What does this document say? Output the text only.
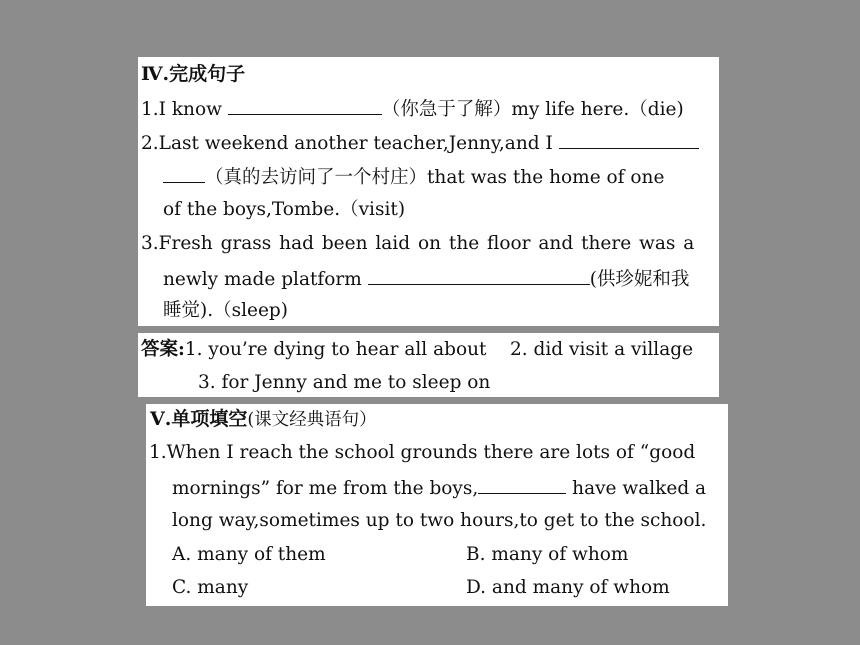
Ⅳ.完成句子
1.I know	（你急于了解）my life here.（die)
2.Last weekend another teacher,Jenny,and I
（真的去访问了一个村庄）that was the home of one
of the boys,Tombe.（visit)
3.Fresh grass had been laid on the floor and there was a
newly made platform	(供珍妮和我
睡觉).（sleep)
答案:1. you’re dying to hear all about    2. did visit a village
3. for Jenny and me to sleep on
Ⅴ.单项填空(课文经典语句）
1.When I reach the school grounds there are lots of “good
mornings” for me from the boys,	have walked a
long way,sometimes up to two hours,to get to the school.
A. many of them	B. many of whom
C. many	D. and many of whom
